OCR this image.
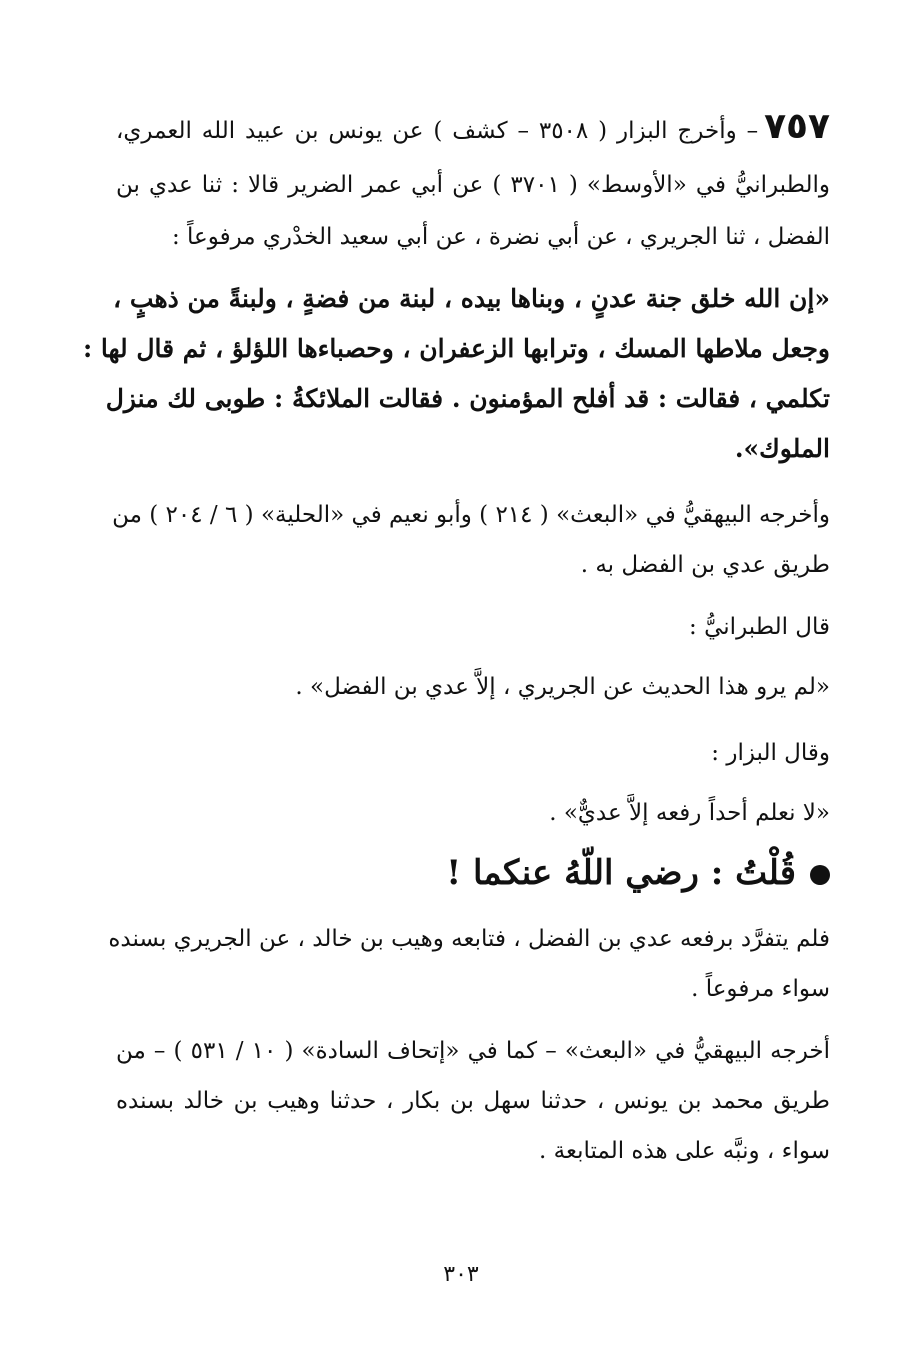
٧٥٧– وأخرج البزار ( ٣٥٠٨ – كشف ) عن يونس بن عبيد الله العمري،
والطبرانيُّ في «الأوسط» ( ٣٧٠١ ) عن أبي عمر الضرير قالا : ثنا عدي بن
الفضل ، ثنا الجريري ، عن أبي نضرة ، عن أبي سعيد الخدْري مرفوعاً :
«إن الله خلق جنة عدنٍ ، وبناها بيده ، لبنة من فضةٍ ، ولبنةً من ذهبٍ ،
وجعل ملاطها المسك ، وترابها الزعفران ، وحصباءها اللؤلؤ ، ثم قال لها :
تكلمي ، فقالت : قد أفلح المؤمنون . فقالت الملائكةُ : طوبى لك منزل
الملوك».
وأخرجه البيهقيُّ في «البعث» ( ٢١٤ ) وأبو نعيم في «الحلية» ( ٦ / ٢٠٤ ) من
طريق عدي بن الفضل به .
قال الطبرانيُّ :
«لم يرو هذا الحديث عن الجريري ، إلاَّ عدي بن الفضل» .
وقال البزار :
«لا نعلم أحداً رفعه إلاَّ عديٌّ» .
قُلْتُ : رضي اللّهُ عنكما !
فلم يتفرَّد برفعه عدي بن الفضل ، فتابعه وهيب بن خالد ، عن الجريري بسنده
سواء مرفوعاً .
أخرجه البيهقيُّ في «البعث» – كما في «إتحاف السادة» ( ١٠ / ٥٣١ ) – من
طريق محمد بن يونس ، حدثنا سهل بن بكار ، حدثنا وهيب بن خالد بسنده
سواء ، ونبَّه على هذه المتابعة .
٣٠٣
